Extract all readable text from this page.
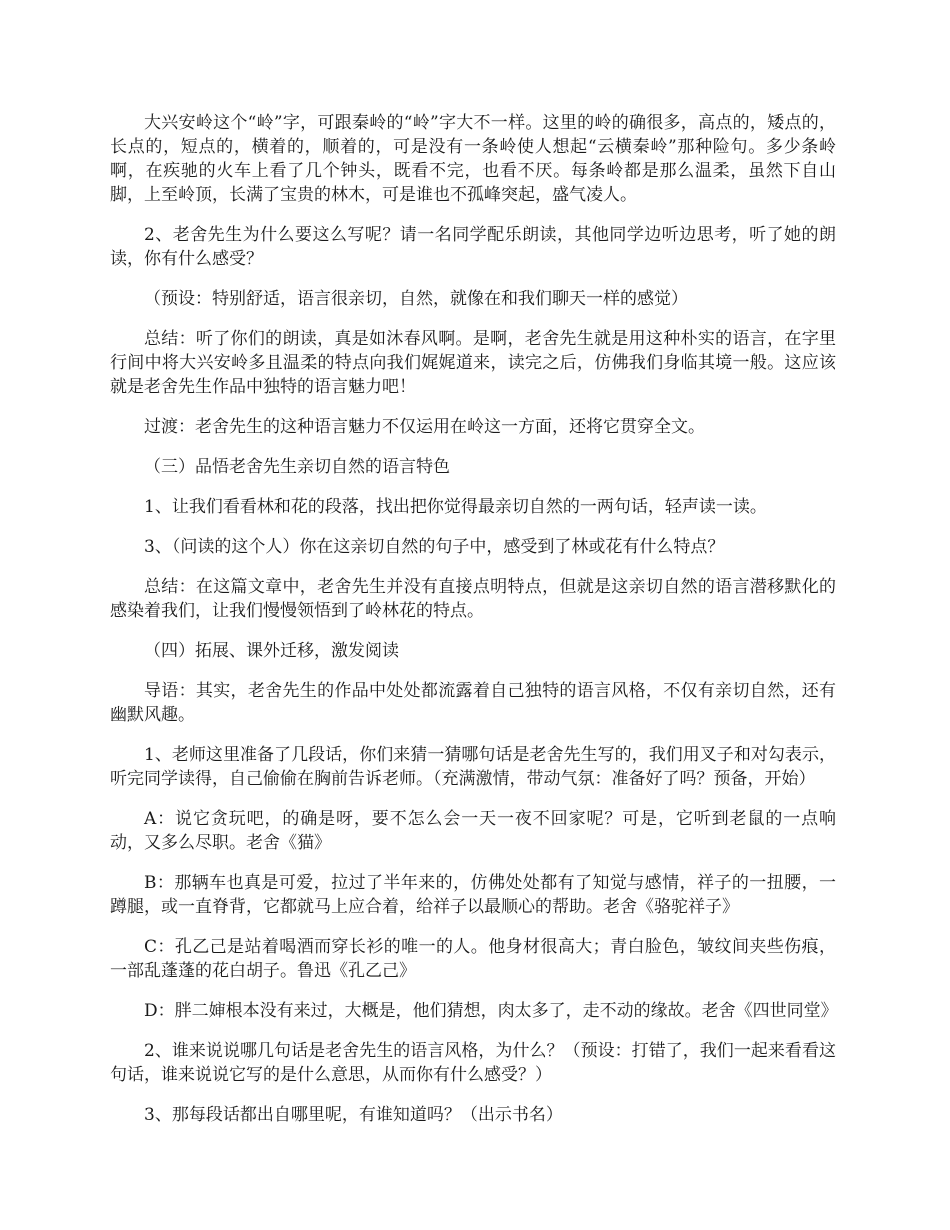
大兴安岭这个“岭”字，可跟秦岭的“岭”字大不一样。这里的岭的确很多，高点的，矮点的，长点的，短点的，横着的，顺着的，可是没有一条岭使人想起“云横秦岭”那种险句。多少条岭啊，在疾驰的火车上看了几个钟头，既看不完，也看不厌。每条岭都是那么温柔，虽然下自山脚，上至岭顶，长满了宝贵的林木，可是谁也不孤峰突起，盛气凌人。

2、老舍先生为什么要这么写呢？请一名同学配乐朗读，其他同学边听边思考，听了她的朗读，你有什么感受？

（预设：特别舒适，语言很亲切，自然，就像在和我们聊天一样的感觉）

总结：听了你们的朗读，真是如沐春风啊。是啊，老舍先生就是用这种朴实的语言，在字里行间中将大兴安岭多且温柔的特点向我们娓娓道来，读完之后，仿佛我们身临其境一般。这应该就是老舍先生作品中独特的语言魅力吧！

过渡：老舍先生的这种语言魅力不仅运用在岭这一方面，还将它贯穿全文。

（三）品悟老舍先生亲切自然的语言特色

1、让我们看看林和花的段落，找出把你觉得最亲切自然的一两句话，轻声读一读。

3、（问读的这个人）你在这亲切自然的句子中，感受到了林或花有什么特点？

总结：在这篇文章中，老舍先生并没有直接点明特点，但就是这亲切自然的语言潜移默化的感染着我们，让我们慢慢领悟到了岭林花的特点。

（四）拓展、课外迁移，激发阅读

导语：其实，老舍先生的作品中处处都流露着自己独特的语言风格，不仅有亲切自然，还有幽默风趣。

1、老师这里准备了几段话，你们来猜一猜哪句话是老舍先生写的，我们用叉子和对勾表示，听完同学读得，自己偷偷在胸前告诉老师。（充满激情，带动气氛：准备好了吗？预备，开始）

A：说它贪玩吧，的确是呀，要不怎么会一天一夜不回家呢？可是，它听到老鼠的一点响动，又多么尽职。老舍《猫》

B：那辆车也真是可爱，拉过了半年来的，仿佛处处都有了知觉与感情，祥子的一扭腰，一蹲腿，或一直脊背，它都就马上应合着，给祥子以最顺心的帮助。老舍《骆驼祥子》

C：孔乙己是站着喝酒而穿长衫的唯一的人。他身材很高大；青白脸色，皱纹间夹些伤痕，一部乱蓬蓬的花白胡子。鲁迅《孔乙己》

D：胖二婶根本没有来过，大概是，他们猜想，肉太多了，走不动的缘故。老舍《四世同堂》

2、谁来说说哪几句话是老舍先生的语言风格，为什么？（预设：打错了，我们一起来看看这句话，谁来说说它写的是什么意思，从而你有什么感受？）

3、那每段话都出自哪里呢，有谁知道吗？（出示书名）
